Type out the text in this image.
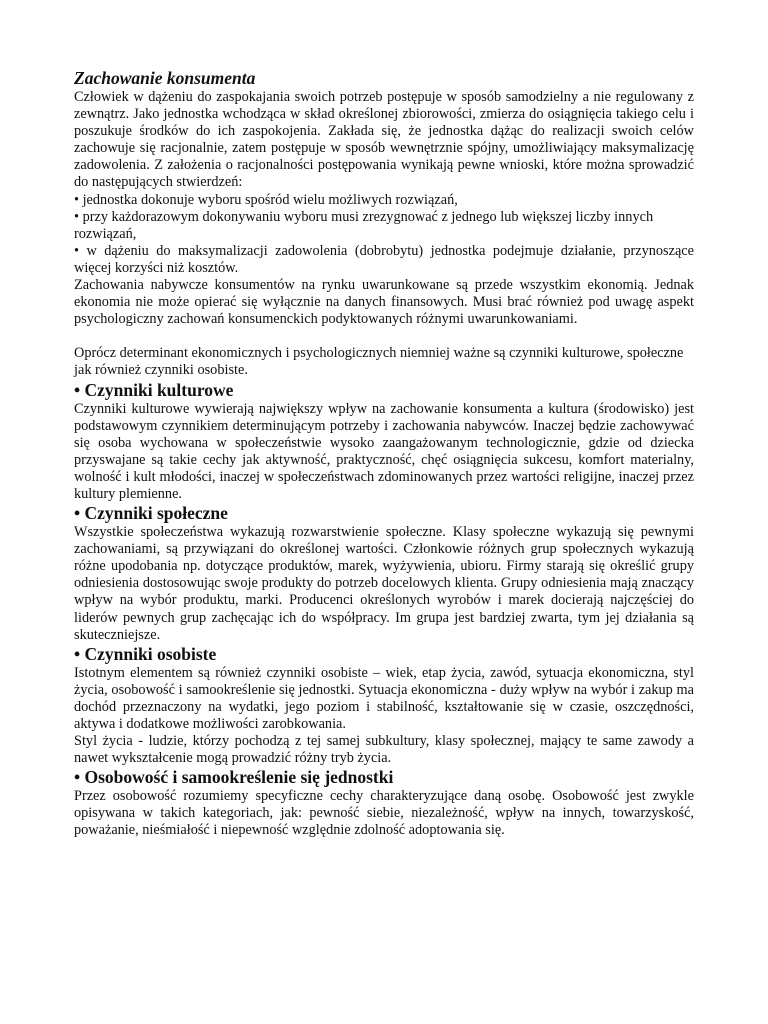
Zachowanie konsumenta

Człowiek w dążeniu do zaspokajania swoich potrzeb postępuje w sposób samodzielny a nie regulowany z zewnątrz. Jako jednostka wchodząca w skład określonej zbiorowości, zmierza do osiągnięcia takiego celu i poszukuje środków do ich zaspokojenia. Zakłada się, że jednostka dążąc do realizacji swoich celów zachowuje się racjonalnie, zatem postępuje w sposób wewnętrznie spójny, umożliwiający maksymalizację zadowolenia. Z założenia o racjonalności postępowania wynikają pewne wnioski, które można sprowadzić do następujących stwierdzeń:

• jednostka dokonuje wyboru spośród wielu możliwych rozwiązań,

• przy każdorazowym dokonywaniu wyboru musi zrezygnować z jednego lub większej liczby innych

rozwiązań,

• w dążeniu do maksymalizacji zadowolenia (dobrobytu) jednostka podejmuje działanie, przynoszące więcej korzyści niż kosztów.

Zachowania nabywcze konsumentów na rynku uwarunkowane są przede wszystkim ekonomią. Jednak ekonomia nie może opierać się wyłącznie na danych finansowych. Musi brać również pod uwagę aspekt psychologiczny zachowań konsumenckich podyktowanych różnymi uwarunkowaniami.

Oprócz determinant ekonomicznych i psychologicznych niemniej ważne są czynniki kulturowe, społeczne jak również czynniki osobiste.

• Czynniki kulturowe

Czynniki kulturowe wywierają największy wpływ na zachowanie konsumenta a kultura (środowisko) jest podstawowym czynnikiem determinującym potrzeby i zachowania nabywców. Inaczej będzie zachowywać się osoba wychowana w społeczeństwie wysoko zaangażowanym technologicznie, gdzie od dziecka przyswajane są takie cechy jak aktywność, praktyczność, chęć osiągnięcia sukcesu, komfort materialny, wolność i kult młodości, inaczej w społeczeństwach zdominowanych przez wartości religijne, inaczej przez kultury plemienne.

• Czynniki społeczne

Wszystkie społeczeństwa wykazują rozwarstwienie społeczne. Klasy społeczne wykazują się pewnymi zachowaniami, są przywiązani do określonej wartości. Członkowie różnych grup społecznych wykazują różne upodobania np. dotyczące produktów, marek, wyżywienia, ubioru. Firmy starają się określić grupy odniesienia dostosowując swoje produkty do potrzeb docelowych klienta. Grupy odniesienia mają znaczący wpływ na wybór produktu, marki. Producenci określonych wyrobów i marek docierają najczęściej do liderów pewnych grup zachęcając ich do współpracy. Im grupa jest bardziej zwarta, tym jej działania są skuteczniejsze.

• Czynniki osobiste

Istotnym elementem są również czynniki osobiste – wiek, etap życia, zawód, sytuacja ekonomiczna, styl życia, osobowość i samookreślenie się jednostki. Sytuacja ekonomiczna - duży wpływ na wybór i zakup ma dochód przeznaczony na wydatki, jego poziom i stabilność, kształtowanie się w czasie, oszczędności, aktywa i dodatkowe możliwości zarobkowania.

Styl życia - ludzie, którzy pochodzą z tej samej subkultury, klasy społecznej, mający te same zawody a nawet wykształcenie mogą prowadzić różny tryb życia.

• Osobowość i samookreślenie się jednostki

Przez osobowość rozumiemy specyficzne cechy charakteryzujące daną osobę. Osobowość jest zwykle opisywana w takich kategoriach, jak: pewność siebie, niezależność, wpływ na innych, towarzyskość, poważanie, nieśmiałość i niepewność względnie zdolność adoptowania się.
